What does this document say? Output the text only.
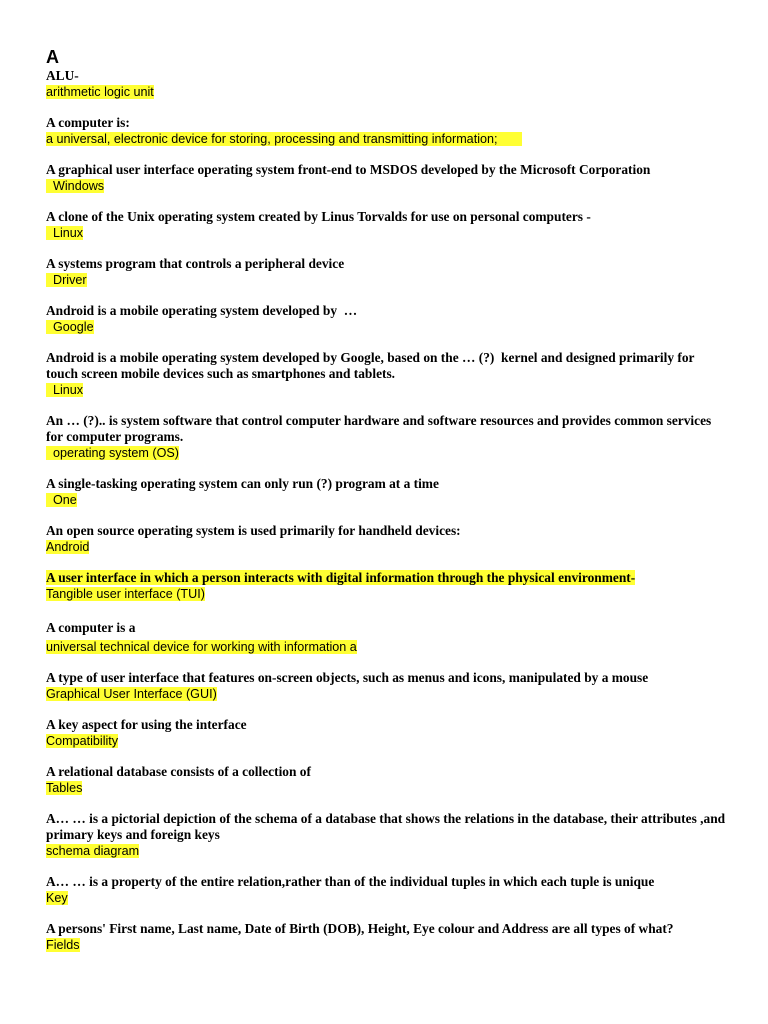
A

ALU-

arithmetic logic unit

A computer is:

a universal, electronic device for storing, processing and transmitting information;

A graphical user interface operating system front-end to MSDOS developed by the Microsoft Corporation

Windows

A clone of the Unix operating system created by Linus Torvalds for use on personal computers -

Linux

A systems program that controls a peripheral device

Driver

Android is a mobile operating system developed by  …

Google

Android is a mobile operating system developed by Google, based on the … (?)  kernel and designed primarily for touch screen mobile devices such as smartphones and tablets.

Linux

An … (?).. is system software that control computer hardware and software resources and provides common services for computer programs.

operating system (OS)

A single-tasking operating system can only run (?) program at a time

One

An open source operating system is used primarily for handheld devices:

Android

A user interface in which a person interacts with digital information through the physical environment-

Tangible user interface (TUI)

A computer is a

universal technical device for working with information a

A type of user interface that features on-screen objects, such as menus and icons, manipulated by a mouse

Graphical User Interface (GUI)

A key aspect for using the interface

Compatibility

A relational database consists of a collection of

Tables

A… … is a pictorial depiction of the schema of a database that shows the relations in the database, their attributes ,and primary keys and foreign keys

schema diagram

A… … is a property of the entire relation,rather than of the individual tuples in which each tuple is unique

Key

A persons' First name, Last name, Date of Birth (DOB), Height, Eye colour and Address are all types of what?

Fields
